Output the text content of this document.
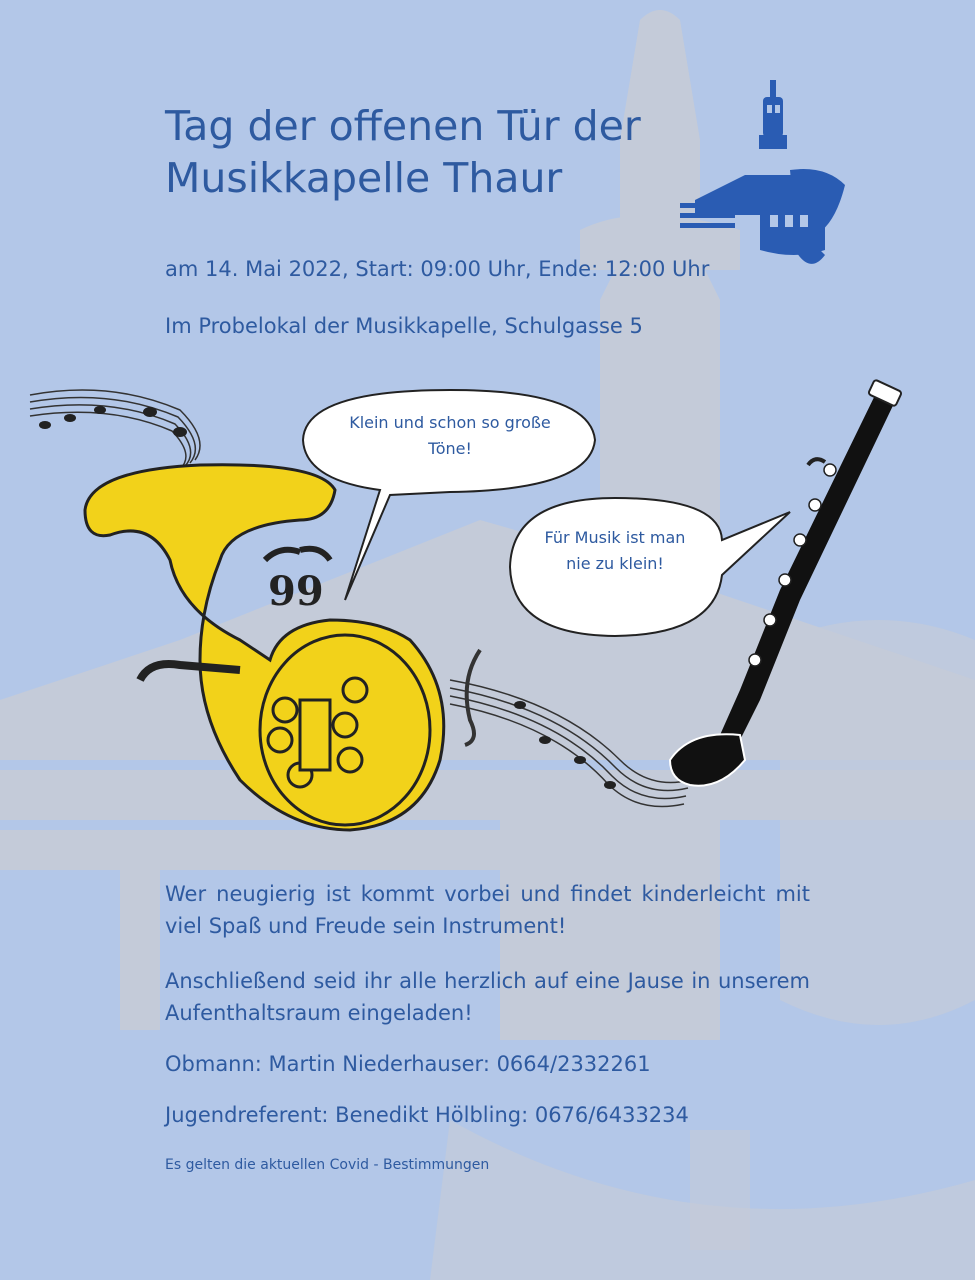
Tag der offenen Tür der Musikkapelle Thaur

am 14. Mai 2022, Start: 09:00 Uhr, Ende: 12:00 Uhr

Im Probelokal der Musikkapelle, Schulgasse 5

99

Klein und schon so große Töne!

Für Musik ist man nie zu klein!

Wer neugierig ist kommt vorbei und findet kinderleicht mit viel Spaß und Freude sein Instrument!

Anschließend seid ihr alle herzlich auf eine Jause in unserem Aufenthaltsraum eingeladen!

Obmann: Martin Niederhauser: 0664/2332261

Jugendreferent: Benedikt Hölbling: 0676/6433234

Es gelten die aktuellen Covid - Bestimmungen
